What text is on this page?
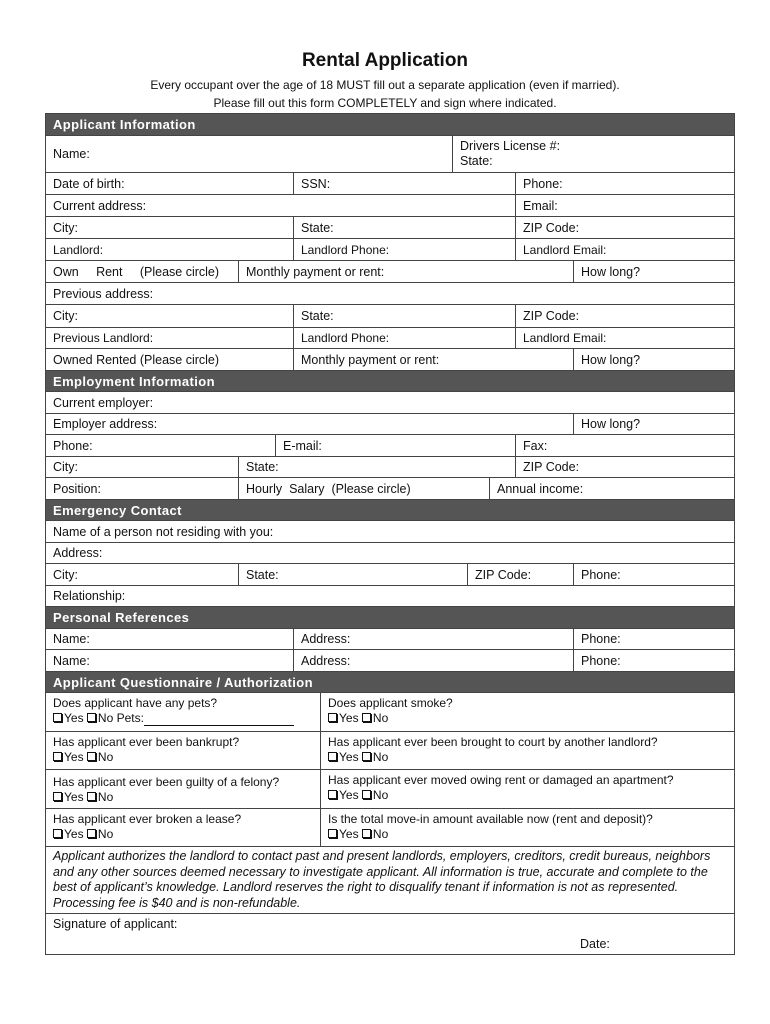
Rental Application
Every occupant over the age of 18 MUST fill out a separate application (even if married).
Please fill out this form COMPLETELY and sign where indicated.
Applicant Information
Name:
Drivers License #:
State:
Date of birth:	SSN:	Phone:
Current address:	Email:
City:	State:	ZIP Code:
Landlord:	Landlord Phone:	Landlord Email:
Own     Rent     (Please circle)	Monthly payment or rent:	How long?
Previous address:
City:	State:	ZIP Code:
Previous Landlord:	Landlord Phone:	Landlord Email:
Owned Rented (Please circle)	Monthly payment or rent:	How long?
Employment Information
Current employer:
Employer address:	How long?
Phone:	E-mail:	Fax:
City:	State:	ZIP Code:
Position:	Hourly  Salary  (Please circle)	Annual income:
Emergency Contact
Name of a person not residing with you:
Address:
City:	State:	ZIP Code:	Phone:
Relationship:
Personal References
Name:	Address:	Phone:
Name:	Address:	Phone:
Applicant Questionnaire / Authorization
Does applicant have any pets?
Yes No Pets:
Does applicant smoke?
Yes No
Has applicant ever been bankrupt?
Yes No
Has applicant ever been brought to court by another landlord?
Yes No
Has applicant ever been guilty of a felony?
Yes No
Has applicant ever moved owing rent or damaged an apartment?
Yes No
Has applicant ever broken a lease?
Yes No
Is the total move-in amount available now (rent and deposit)?
Yes No
Applicant authorizes the landlord to contact past and present landlords, employers, creditors, credit bureaus, neighbors and any other sources deemed necessary to investigate applicant. All information is true, accurate and complete to the best of applicant’s knowledge. Landlord reserves the right to disqualify tenant if information is not as represented. Processing fee is $40 and is non-refundable.
Signature of applicant:
Date:
